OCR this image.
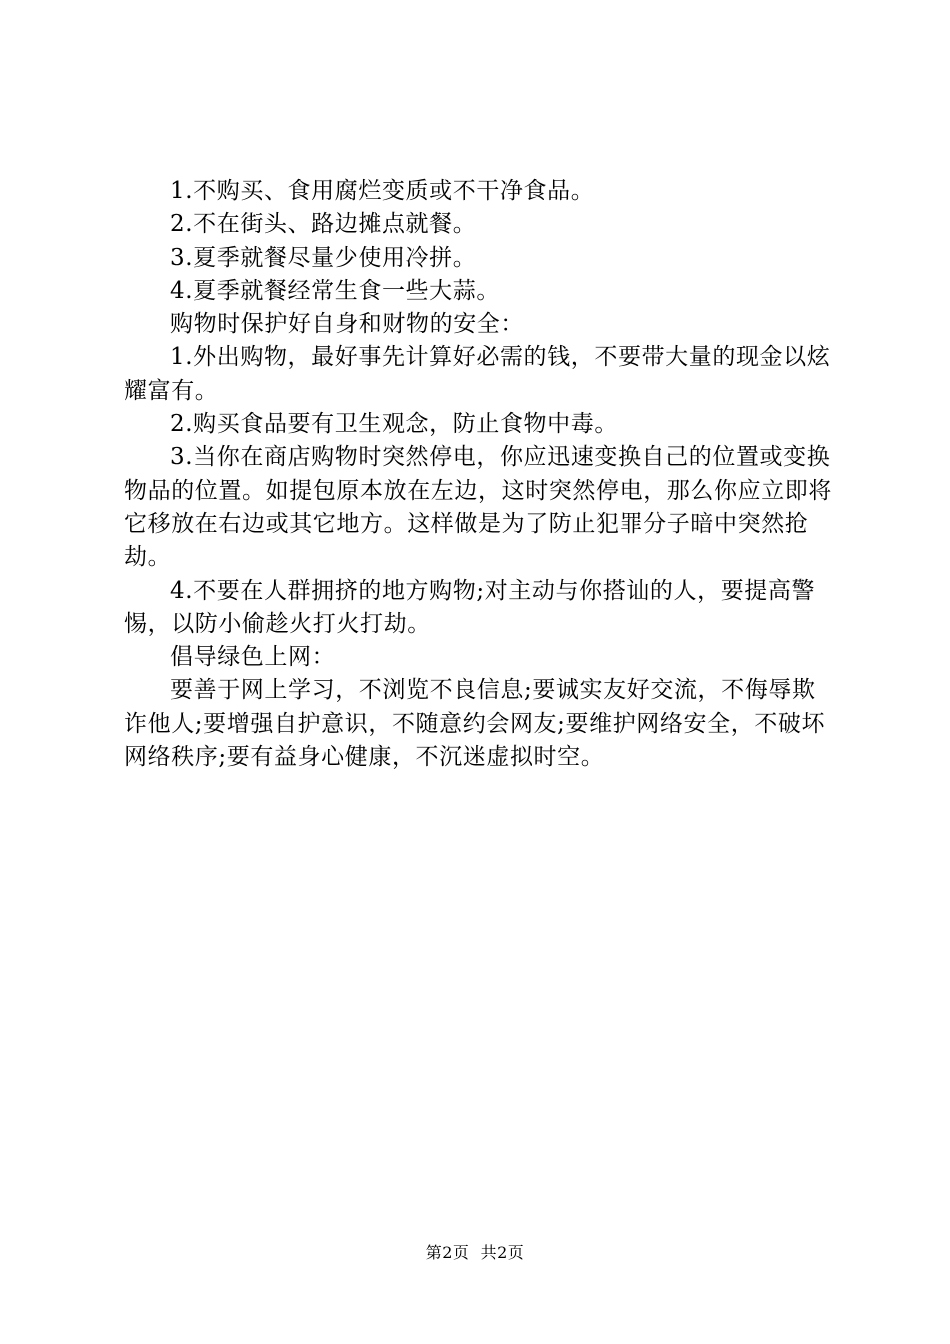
1.不购买、食用腐烂变质或不干净食品。

2.不在街头、路边摊点就餐。

3.夏季就餐尽量少使用冷拼。

4.夏季就餐经常生食一些大蒜。

购物时保护好自身和财物的安全：

1.外出购物，最好事先计算好必需的钱，不要带大量的现金以炫耀富有。

2.购买食品要有卫生观念，防止食物中毒。

3.当你在商店购物时突然停电，你应迅速变换自己的位置或变换物品的位置。如提包原本放在左边，这时突然停电，那么你应立即将它移放在右边或其它地方。这样做是为了防止犯罪分子暗中突然抢劫。

4.不要在人群拥挤的地方购物;对主动与你搭讪的人，要提高警惕，以防小偷趁火打火打劫。

倡导绿色上网：

要善于网上学习，不浏览不良信息;要诚实友好交流，不侮辱欺诈他人;要增强自护意识，不随意约会网友;要维护网络安全，不破坏网络秩序;要有益身心健康，不沉迷虚拟时空。

第2页  共2页
